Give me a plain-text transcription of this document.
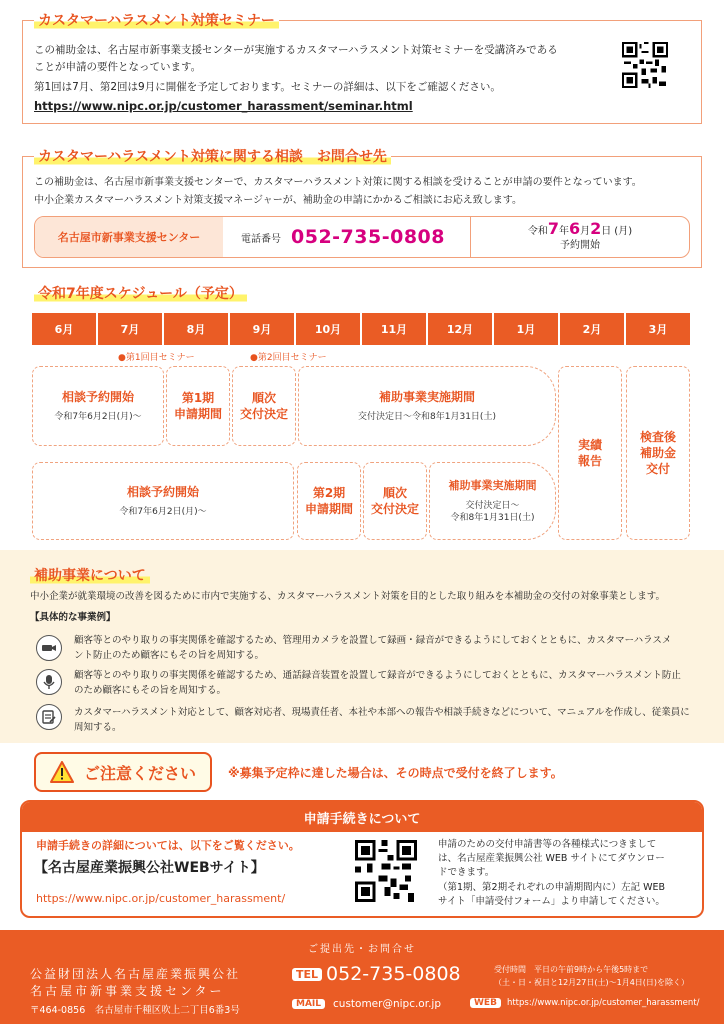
カスタマーハラスメント対策セミナー
この補助金は、名古屋市新事業支援センターが実施するカスタマーハラスメント対策セミナーを受講済みである
ことが申請の要件となっています。
第1回は7月、第2回は9月に開催を予定しております。セミナーの詳細は、以下をご確認ください。
https://www.nipc.or.jp/customer_harassment/seminar.html
カスタマーハラスメント対策に関する相談　お問合せ先
この補助金は、名古屋市新事業支援センターで、カスタマーハラスメント対策に関する相談を受けることが申請の要件となっています。
中小企業カスタマーハラスメント対策支援マネージャーが、補助金の申請にかかるご相談にお応え致します。
名古屋市新事業支援センター	電話番号 052-735-0808	令和7年6月2日 (月)
予約開始
令和7年度スケジュール（予定）
6月	7月	8月	9月	10月	11月	12月	1月	2月	3月
●第1回目セミナー	●第2回目セミナー
相談予約開始
令和7年6月2日(月)〜
第1期
申請期間
順次
交付決定
補助事業実施期間
交付決定日〜令和8年1月31日(土)
相談予約開始
令和7年6月2日(月)〜
第2期
申請期間
順次
交付決定
補助事業実施期間
交付決定日〜
令和8年1月31日(土)
実績
報告
検査後
補助金
交付
補助事業について
中小企業が就業環境の改善を図るために市内で実施する、カスタマーハラスメント対策を目的とした取り組みを本補助金の交付の対象事業とします。
【具体的な事業例】
顧客等とのやり取りの事実関係を確認するため、管理用カメラを設置して録画・録音ができるようにしておくとともに、カスタマーハラスメ
ント防止のため顧客にもその旨を周知する。
顧客等とのやり取りの事実関係を確認するため、通話録音装置を設置して録音ができるようにしておくとともに、カスタマーハラスメント防止
のため顧客にもその旨を周知する。
カスタマーハラスメント対応として、顧客対応者、現場責任者、本社や本部への報告や相談手続きなどについて、マニュアルを作成し、従業員に
周知する。
ご注意ください	※募集予定枠に達した場合は、その時点で受付を終了します。
申請手続きについて
申請手続きの詳細については、以下をご覧ください。
【名古屋産業振興公社WEBサイト】
https://www.nipc.or.jp/customer_harassment/
申請のための交付申請書等の各種様式につきまして
は、名古屋産業振興公社 WEB サイトにてダウンロー
ドできます。
（第1期、第2期それぞれの申請期間内に）左記 WEB
サイト「申請受付フォーム」より申請してください。
ご提出先・お問合せ
公益財団法人名古屋産業振興公社
名古屋市新事業支援センター
〒464-0856　名古屋市千種区吹上二丁目6番3号
TEL 052-735-0808	受付時間　平日の午前9時から午後5時まで
（土・日・祝日と12月27日(土)〜1月4日(日)を除く）
MAIL	customer@nipc.or.jp	WEB	https://www.nipc.or.jp/customer_harassment/
